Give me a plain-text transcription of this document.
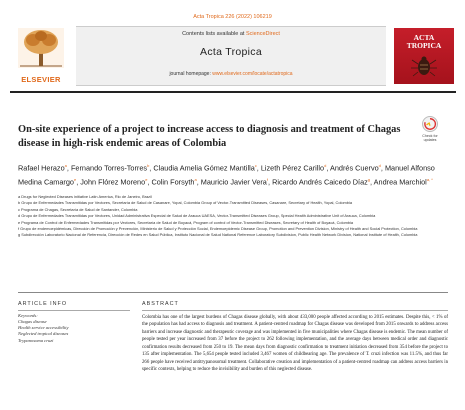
Acta Tropica 226 (2022) 106219
ELSEVIER
Contents lists available at ScienceDirect
Acta Tropica
journal homepage: www.elsevier.com/locate/actatropica
ACTA
TROPICA
On-site experience of a project to increase access to diagnosis and treatment of Chagas disease in high-risk endemic areas of Colombia
Check for
updates
Rafael Herazo$^a$, Fernando Torres-Torres$^b$, Claudia Amelia Gómez Mantilla$^c$, Lizeth Pérez Carillo$^d$, Andrés Cuervo$^d$, Manuel Alfonso Medina Camargo$^e$, John Flórez Moreno$^e$, Colin Forsyth$^a$, Mauricio Javier Vera$^f$, Ricardo Andrés Caicedo Díaz$^g$, Andrea Marchiol$^{a, *}$
a Drugs for Neglected Diseases initiative Latin America, Rio de Janeiro, Brazil
b Grupo de Enfermedades Transmitidas por Vectores, Secretaría de Salud de Casanare, Yopal, Colombia Group of Vector-Transmitted Diseases, Casanare, Secretary of Health, Yopal, Colombia
c Programa de Chagas, Secretaría de Salud de Santander, Colombia
d Grupo de Enfermedades Transmitidas por Vectores, Unidad Administrativa Especial de Salud de Arauca UAESA, Vector-Transmitted Diseases Group, Special Health Administrative Unit of Arauca, Colombia
e Programa de Control de Enfermedades Transmitidas por Vectores, Secretaría de Salud de Boyacá, Program of control of Vector-Transmitted Diseases, Secretary of Health of Boyacá, Colombia
f Grupo de endemoepidémicas, Dirección de Promoción y Prevención, Ministerio de Salud y Protección Social, Endemoepidemic Disease Group, Promotion and Prevention Division, Ministry of Health and Social Protection, Colombia
g Subdirección Laboratorio Nacional de Referencia, Dirección de Redes en Salud Pública, Instituto Nacional de Salud National Reference Laboratory Subdivision, Public Health Network Division, National Institute of Health, Colombia
ARTICLE INFO
Keywords:
Chagas disease
Health service accessibility
Neglected tropical diseases
Trypanosoma cruzi
ABSTRACT

Colombia has one of the largest burdens of Chagas disease globally, with about 433,000 people affected according to 2015 estimates. Despite this, < 1% of the population has had access to diagnosis and treatment. A patient-centred roadmap for Chagas disease was developed from 2015 onwards to address access barriers and increase diagnostic and therapeutic coverage and was implemented in five municipalities where Chagas disease is endemic. The mean number of people tested per year increased from 37 before the project to 262 following implementation, and the average days between medical order and diagnostic confirmation results decreased from 250 to 19. The mean days from diagnostic confirmation to treatment initiation decreased from 354 before the project to 135 after implementation. The 5,654 people tested included 3,467 women of childbearing age. The prevalence of T. cruzi infection was 11.5%, and thus far 266 people have received antitrypanosomal treatment. Collaborative creation and implementation of a patient-centred roadmap can address access barriers in specific contexts, helping to reduce the invisibility and burden of this neglected disease.
